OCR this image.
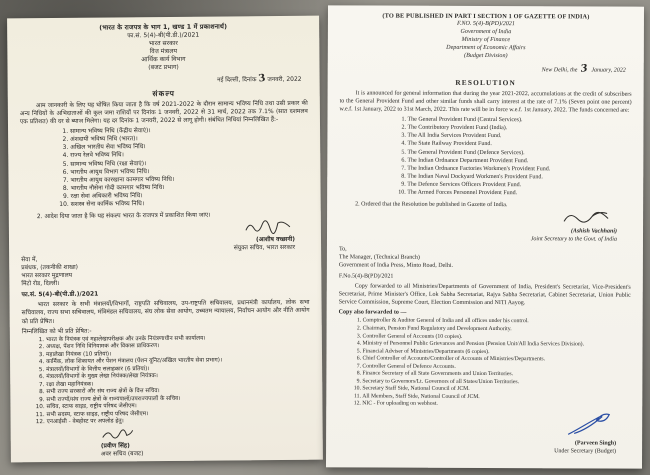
(भारत के राजपत्र के भाग 1, खण्ड 1 में प्रकाशनार्थ)
फा.सं. 5(4)-बी(पी.डी.)/2021
भारत सरकार
वित्त मंत्रालय
आर्थिक कार्य विभाग
(बजट प्रभाग)
नई दिल्ली, दिनांक3जनवरी, 2022
संकल्प
आम जानकारी के लिए यह घोषित किया जाता है कि वर्ष 2021-2022 के दौरान सामान्य भविष्य निधि तथा उसी प्रकार की अन्य निधियों के अभिदाताओं की कुल जमा राशियों पर दिनांक 1 जनवरी, 2022 से 31 मार्च, 2022 तक 7.1% (सात दशमलव एक प्रतिशत) की दर से ब्याज मिलेगा। यह दर दिनांक 1 जनवरी, 2022 से लागू होगी। संबंधित निधियां निम्नलिखित हैं:-
1. सामान्य भविष्य निधि (केंद्रीय सेवाएं)।
2. अंशदायी भविष्य निधि (भारत)।
3. अखिल भारतीय सेवा भविष्य निधि।
4. राज्य रेलवे भविष्य निधि।
5. सामान्य भविष्य निधि (रक्षा सेवाएं)।
6. भारतीय आयुध विभाग भविष्य निधि।
7. भारतीय आयुध कारखाना कामगार भविष्य निधि।
8. भारतीय नौसेना गोदी कामगार भविष्य निधि।
9. रक्षा सेवा अधिकारी भविष्य निधि।
10. सशस्त्र सेना कार्मिक भविष्य निधि।
2. आदेश दिया जाता है कि यह संकल्प भारत के राजपत्र में प्रकाशित किया जाए।
(आशीष वच्छानी)
संयुक्त सचिव, भारत सरकार
सेवा में,
प्रबंधक, (तकनीकी शाखा)
भारत सरकार मुद्रणालय
मिंटो रोड, दिल्ली।
फा.सं. 5(4)-बी(पी.डी.)/2021
भारत सरकार के सभी मंत्रालयों/विभागों, राष्ट्रपति सचिवालय, उप-राष्ट्रपति सचिवालय, प्रधानमंत्री कार्यालय, लोक सभा सचिवालय, राज्य सभा सचिवालय, मंत्रिमंडल सचिवालय, संघ लोक सेवा आयोग, उच्चतम न्यायालय, निर्वाचन आयोग और नीति आयोग को प्रति प्रेषित।
निम्नलिखित को भी प्रति प्रेषित:-
1. भारत के नियंत्रक एवं महालेखापरीक्षक और उनके नियंत्रणाधीन सभी कार्यालय।
2. अध्यक्ष, पेंशन निधि विनियामक और विकास प्राधिकरण।
3. महालेखा नियंत्रक (10 प्रतियां)।
4. कार्मिक, लोक शिकायत और पेंशन मंत्रालय (पेंशन यूनिट/अखिल भारतीय सेवा प्रभाग)।
5. मंत्रालयों/विभागों के वित्तीय सलाहकार (6 प्रतियां)।
6. मंत्रालयों/विभागों के मुख्य लेखा नियंत्रक/लेखा नियंत्रक।
7. रक्षा लेखा महानियंत्रक।
8. सभी राज्य सरकारों और संघ राज्य क्षेत्रों के वित्त सचिव।
9. सभी राज्यों/संघ राज्य क्षेत्रों के राज्यपालों/उपराज्यपालों के सचिव।
10. सचिव, स्टाफ साइड, राष्ट्रीय परिषद जेसीएम।
11. सभी सदस्य, स्टाफ साइड, राष्ट्रीय परिषद जेसीएम।
12. एनआईसी - वेबहोस्ट पर अपलोड हेतु।
(प्रवीण सिंह)
अवर सचिव (बजट)
(TO BE PUBLISHED IN PART I SECTION 1 OF GAZETTE OF INDIA)
F.NO. 5(4)-B(PD)/2021
Government of India
Ministry of Finance
Department of Economic Affairs
(Budget Division)
New Delhi, the 3 January, 2022
RESOLUTION
It is announced for general information that during the year 2021-2022, accumulations at the credit of subscribers to the General Provident Fund and other similar funds shall carry interest at the rate of 7.1% (Seven point one percent) w.e.f. 1st January, 2022 to 31st March, 2022. This rate will be in force w.e.f. 1st January, 2022. The funds concerned are:
1. The General Provident Fund (Central Services).
2. The Contributory Provident Fund (India).
3. The All India Services Provident Fund.
4. The State Railway Provident Fund.
5. The General Provident Fund (Defence Services).
6. The Indian Ordnance Department Provident Fund.
7. The Indian Ordnance Factories Workmen's Provident Fund.
8. The Indian Naval Dockyard Workmen's Provident Fund.
9. The Defence Services Officers Provident Fund.
10. The Armed Forces Personnel Provident Fund.
2. Ordered that the Resolution be published in Gazette of India.
(Ashish Vachhani)
Joint Secretary to the Govt. of India
To,
The Manager, (Technical Branch)
Government of India Press, Minto Road, Delhi.
F.No.5(4)-B(PD)/2021
Copy forwarded to all Ministries/Departments of Government of India, President's Secretariat, Vice-President's Secretariat, Prime Minister's Office, Lok Sabha Secretariat, Rajya Sabha Secretariat, Cabinet Secretariat, Union Public Service Commission, Supreme Court, Election Commission and NITI Aayog.
Copy also forwarded to —
1. Comptroller & Auditor General of India and all offices under his control.
2. Chairman, Pension Fund Regulatory and Development Authority.
3. Controller General of Accounts (10 copies).
4. Ministry of Personnel Public Grievances and Pension (Pension Unit/All India Services Division).
5. Financial Adviser of Ministries/Departments (6 copies).
6. Chief Controller of Accounts/Controller of Accounts of Ministries/Departments.
7. Controller General of Defence Accounts.
8. Finance Secretary of all State Governments and Union Territories.
9. Secretary to Governors/Lt. Governors of all States/Union Territories.
10. Secretary Staff Side, National Council of JCM.
11. All Members, Staff Side, National Council of JCM.
12. NIC - For uploading on webhost.
(Parveen Singh)
Under Secretary (Budget)
